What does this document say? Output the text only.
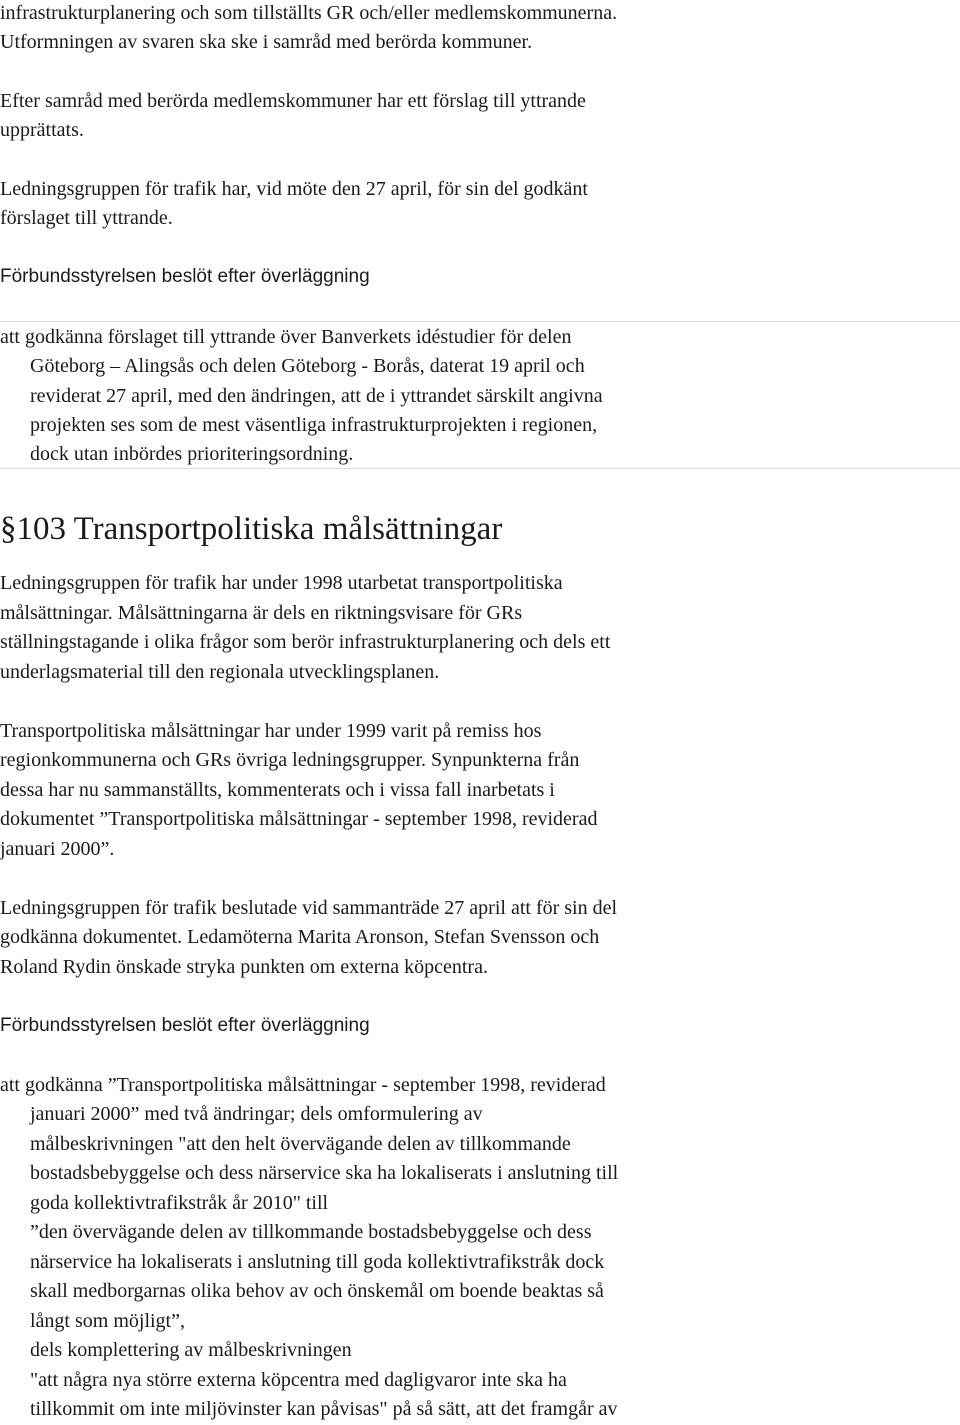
infrastrukturplanering och som tillställts GR och/eller medlemskommunerna.
Utformningen av svaren ska ske i samråd med berörda kommuner.
Efter samråd med berörda medlemskommuner har ett förslag till yttrande
upprättats.
Ledningsgruppen för trafik har, vid möte den 27 april, för sin del godkänt
förslaget till yttrande.
Förbundsstyrelsen beslöt efter överläggning
att godkänna förslaget till yttrande över Banverkets idéstudier för delen
Göteborg – Alingsås och delen Göteborg - Borås, daterat 19 april och
reviderat 27 april, med den ändringen, att de i yttrandet särskilt angivna
projekten ses som de mest väsentliga infrastrukturprojekten i regionen,
dock utan inbördes prioriteringsordning.
§103 Transportpolitiska målsättningar
Ledningsgruppen för trafik har under 1998 utarbetat transportpolitiska
målsättningar. Målsättningarna är dels en riktningsvisare för GRs
ställningstagande i olika frågor som berör infrastrukturplanering och dels ett
underlagsmaterial till den regionala utvecklingsplanen.
Transportpolitiska målsättningar har under 1999 varit på remiss hos
regionkommunerna och GRs övriga ledningsgrupper. Synpunkterna från
dessa har nu sammanställts, kommenterats och i vissa fall inarbetats i
dokumentet ”Transportpolitiska målsättningar - september 1998, reviderad
januari 2000”.
Ledningsgruppen för trafik beslutade vid sammanträde 27 april att för sin del
godkänna dokumentet. Ledamöterna Marita Aronson, Stefan Svensson och
Roland Rydin önskade stryka punkten om externa köpcentra.
Förbundsstyrelsen beslöt efter överläggning
att godkänna ”Transportpolitiska målsättningar - september 1998, reviderad
januari 2000” med två ändringar; dels omformulering av
målbeskrivningen "att den helt övervägande delen av tillkommande
bostadsbebyggelse och dess närservice ska ha lokaliserats i anslutning till
goda kollektivtrafikstråk år 2010" till
”den övervägande delen av tillkommande bostadsbebyggelse och dess
närservice ha lokaliserats i anslutning till goda kollektivtrafikstråk dock
skall medborgarnas olika behov av och önskemål om boende beaktas så
långt som möjligt”,
dels komplettering av målbeskrivningen
"att några nya större externa köpcentra med dagligvaror inte ska ha
tillkommit om inte miljövinster kan påvisas" på så sätt, att det framgår av
